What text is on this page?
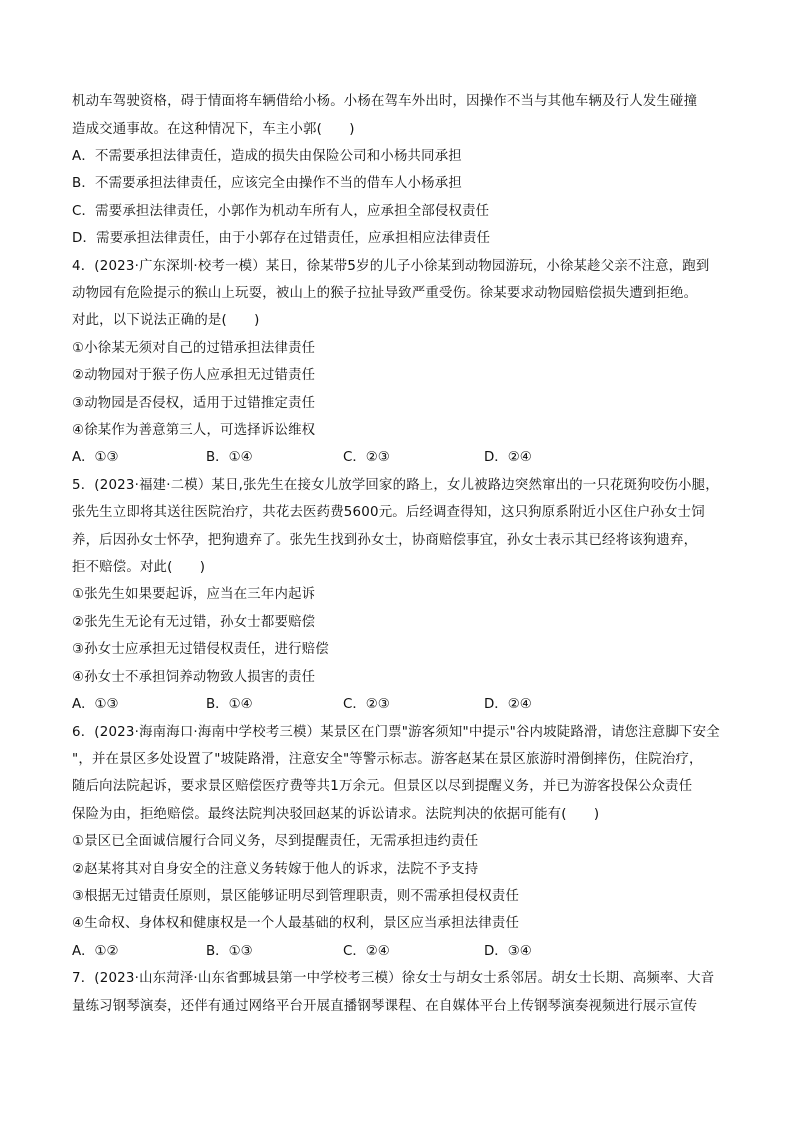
机动车驾驶资格，碍于情面将车辆借给小杨。小杨在驾车外出时，因操作不当与其他车辆及行人发生碰撞
造成交通事故。在这种情况下，车主小郭(　　)
A．不需要承担法律责任，造成的损失由保险公司和小杨共同承担
B．不需要承担法律责任，应该完全由操作不当的借车人小杨承担
C．需要承担法律责任，小郭作为机动车所有人，应承担全部侵权责任
D．需要承担法律责任，由于小郭存在过错责任，应承担相应法律责任
4．(2023·广东深圳·校考一模）某日，徐某带5岁的儿子小徐某到动物园游玩，小徐某趁父亲不注意，跑到
动物园有危险提示的猴山上玩耍，被山上的猴子拉扯导致严重受伤。徐某要求动物园赔偿损失遭到拒绝。
对此，以下说法正确的是(　　)
①小徐某无须对自己的过错承担法律责任
②动物园对于猴子伤人应承担无过错责任
③动物园是否侵权，适用于过错推定责任
④徐某作为善意第三人，可选择诉讼维权
A．①③	B．①④	C．②③	D．②④
5．(2023·福建·二模）某日,张先生在接女儿放学回家的路上，女儿被路边突然窜出的一只花斑狗咬伤小腿，
张先生立即将其送往医院治疗，共花去医药费5600元。后经调查得知，这只狗原系附近小区住户孙女士饲
养，后因孙女士怀孕，把狗遗弃了。张先生找到孙女士，协商赔偿事宜，孙女士表示其已经将该狗遗弃，
拒不赔偿。对此(　　)
①张先生如果要起诉，应当在三年内起诉
②张先生无论有无过错，孙女士都要赔偿
③孙女士应承担无过错侵权责任，进行赔偿
④孙女士不承担饲养动物致人损害的责任
A．①③	B．①④	C．②③	D．②④
6．(2023·海南海口·海南中学校考三模）某景区在门票"游客须知"中提示"谷内坡陡路滑，请您注意脚下安全
"，并在景区多处设置了"坡陡路滑，注意安全"等警示标志。游客赵某在景区旅游时滑倒摔伤，住院治疗，
随后向法院起诉，要求景区赔偿医疗费等共1万余元。但景区以尽到提醒义务，并已为游客投保公众责任
保险为由，拒绝赔偿。最终法院判决驳回赵某的诉讼请求。法院判决的依据可能有(　　)
①景区已全面诚信履行合同义务，尽到提醒责任，无需承担违约责任
②赵某将其对自身安全的注意义务转嫁于他人的诉求，法院不予支持
③根据无过错责任原则，景区能够证明尽到管理职责，则不需承担侵权责任
④生命权、身体权和健康权是一个人最基础的权利，景区应当承担法律责任
A．①②	B．①③	C．②④	D．③④
7．(2023·山东菏泽·山东省鄄城县第一中学校考三模）徐女士与胡女士系邻居。胡女士长期、高频率、大音
量练习钢琴演奏，还伴有通过网络平台开展直播钢琴课程、在自媒体平台上传钢琴演奏视频进行展示宣传
